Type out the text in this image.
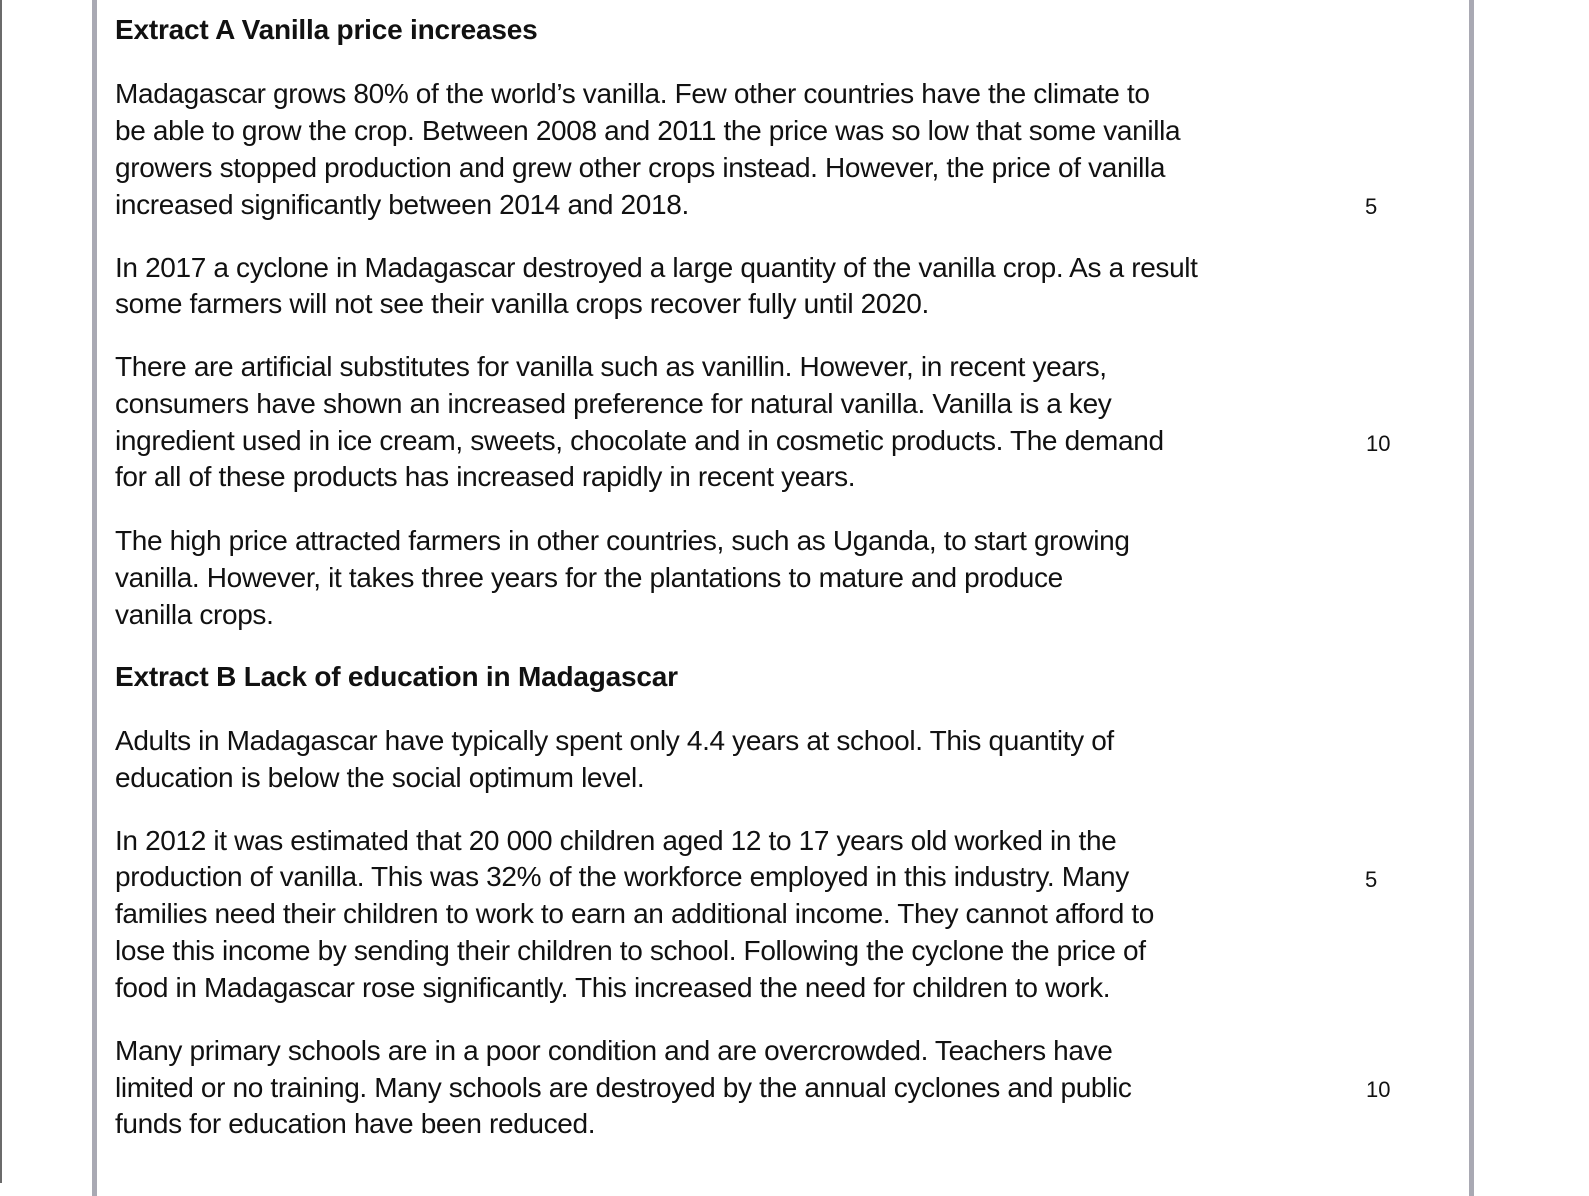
Extract A Vanilla price increases
Madagascar grows 80% of the world’s vanilla. Few other countries have the climate to
be able to grow the crop. Between 2008 and 2011 the price was so low that some vanilla
growers stopped production and grew other crops instead. However, the price of vanilla
increased significantly between 2014 and 2018.	5
In 2017 a cyclone in Madagascar destroyed a large quantity of the vanilla crop. As a result
some farmers will not see their vanilla crops recover fully until 2020.
There are artificial substitutes for vanilla such as vanillin. However, in recent years,
consumers have shown an increased preference for natural vanilla. Vanilla is a key
ingredient used in ice cream, sweets, chocolate and in cosmetic products. The demand
for all of these products has increased rapidly in recent years.
10
The high price attracted farmers in other countries, such as Uganda, to start growing
vanilla. However, it takes three years for the plantations to mature and produce
vanilla crops.
Extract B Lack of education in Madagascar
Adults in Madagascar have typically spent only 4.4 years at school. This quantity of
education is below the social optimum level.
In 2012 it was estimated that 20 000 children aged 12 to 17 years old worked in the
production of vanilla. This was 32% of the workforce employed in this industry. Many
families need their children to work to earn an additional income. They cannot afford to
lose this income by sending their children to school. Following the cyclone the price of
food in Madagascar rose significantly. This increased the need for children to work.
5
Many primary schools are in a poor condition and are overcrowded. Teachers have
limited or no training. Many schools are destroyed by the annual cyclones and public
funds for education have been reduced.
10
